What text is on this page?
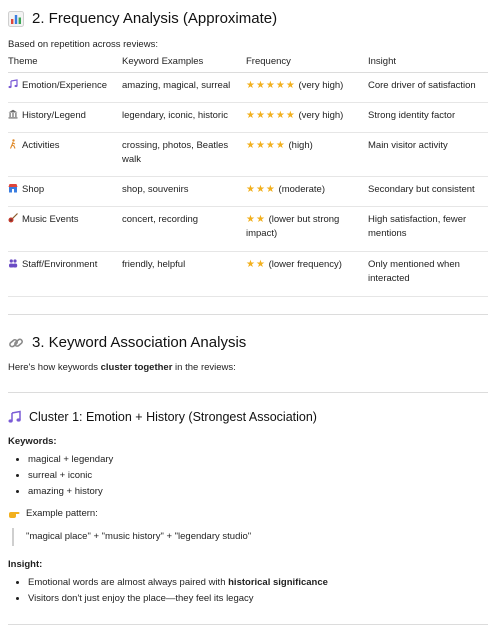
2. Frequency Analysis (Approximate)
Based on repetition across reviews:
Theme	Keyword Examples	Frequency	Insight
Emotion/Experience	amazing, magical, surreal	★★★★★ (very high)	Core driver of satisfaction
History/Legend	legendary, iconic, historic	★★★★★ (very high)	Strong identity factor
Activities	crossing, photos, Beatles walk	★★★★ (high)	Main visitor activity
Shop	shop, souvenirs	★★★ (moderate)	Secondary but consistent
Music Events	concert, recording	★★ (lower but strong impact)	High satisfaction, fewer mentions
Staff/Environment	friendly, helpful	★★ (lower frequency)	Only mentioned when interacted
3. Keyword Association Analysis
Here's how keywords cluster together in the reviews:
Cluster 1: Emotion + History (Strongest Association)
Keywords:
• magical + legendary
• surreal + iconic
• amazing + history
Example pattern:
"magical place" + "music history" + "legendary studio"
Insight:
• Emotional words are almost always paired with historical significance
• Visitors don't just enjoy the place—they feel its legacy
